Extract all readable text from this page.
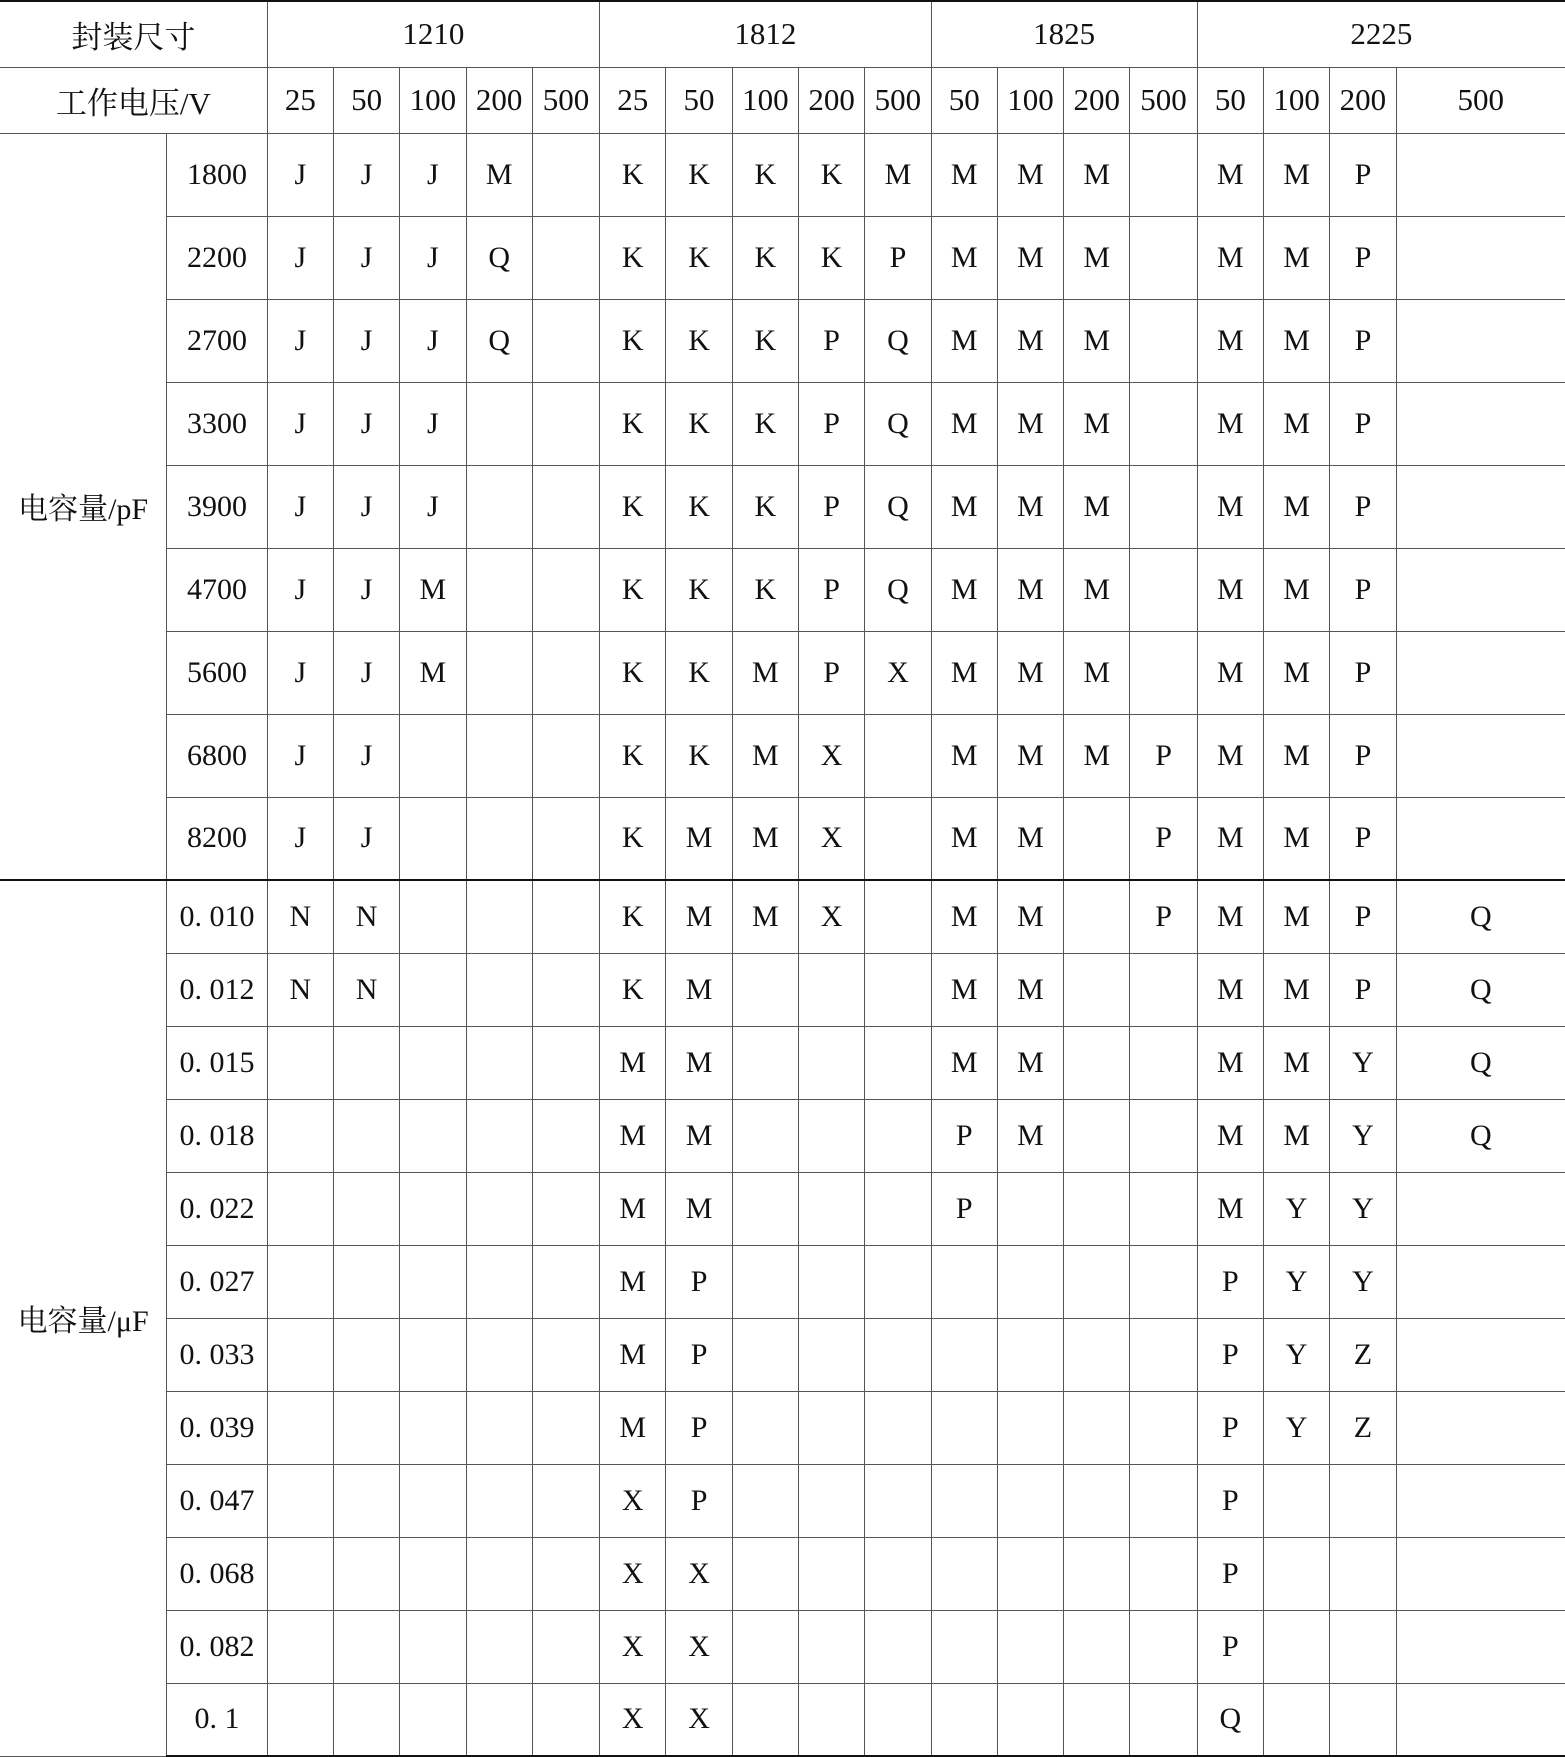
封装尺寸		1210					1812					1825				2225			
工作电压/V		25	50	100	200	500	25	50	100	200	500	50	100	200	500	50	100	200	500
电容量/pF	1800	J	J	J	M		K	K	K	K	M	M	M	M		M	M	P	
	2200	J	J	J	Q		K	K	K	K	P	M	M	M		M	M	P	
	2700	J	J	J	Q		K	K	K	P	Q	M	M	M		M	M	P	
	3300	J	J	J			K	K	K	P	Q	M	M	M		M	M	P	
	3900	J	J	J			K	K	K	P	Q	M	M	M		M	M	P	
	4700	J	J	M			K	K	K	P	Q	M	M	M		M	M	P	
	5600	J	J	M			K	K	M	P	X	M	M	M		M	M	P	
	6800	J	J				K	K	M	X		M	M	M	P	M	M	P	
	8200	J	J				K	M	M	X		M	M		P	M	M	P	
电容量/μF	0. 010	N	N				K	M	M	X		M	M		P	M	M	P	Q
	0. 012	N	N				K	M				M	M			M	M	P	Q
	0. 015						M	M				M	M			M	M	Y	Q
	0. 018						M	M				P	M			M	M	Y	Q
	0. 022						M	M				P				M	Y	Y	
	0. 027						M	P								P	Y	Y	
	0. 033						M	P								P	Y	Z	
	0. 039						M	P								P	Y	Z	
	0. 047						X	P								P			
	0. 068						X	X								P			
	0. 082						X	X								P			
	0. 1						X	X								Q			
